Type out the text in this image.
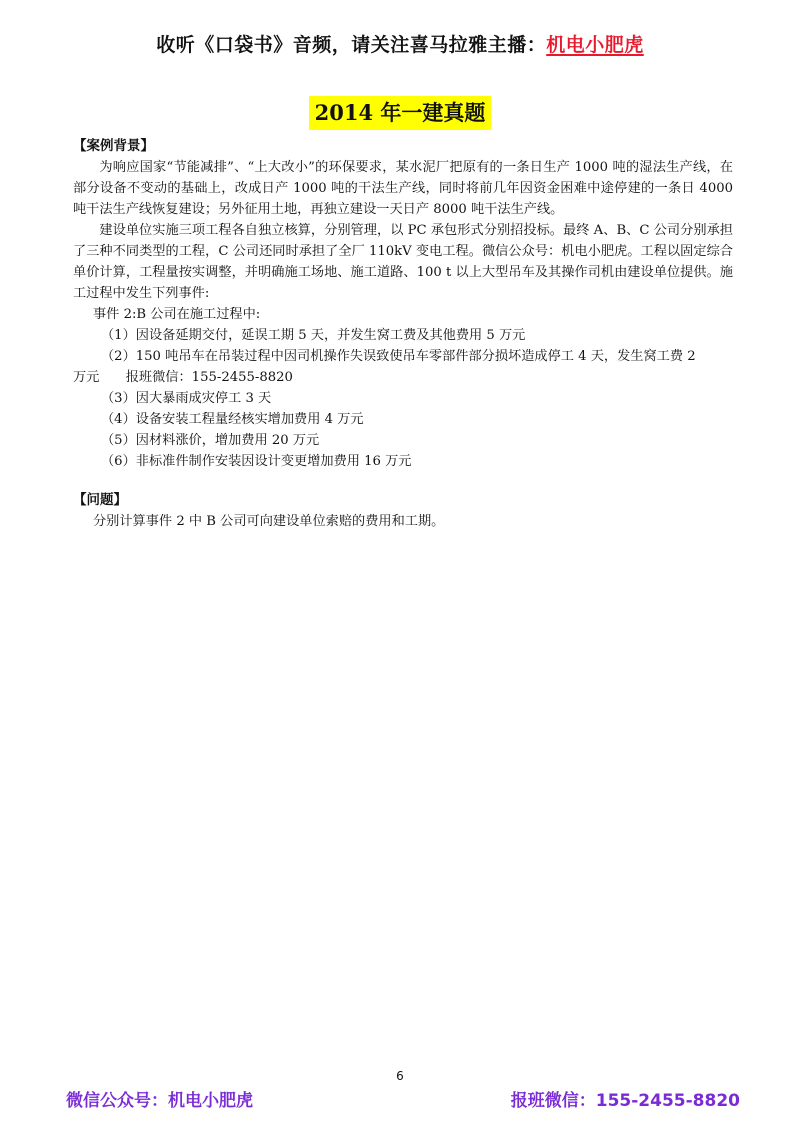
收听《口袋书》音频，请关注喜马拉雅主播：机电小肥虎
2014 年一建真题

【案例背景】

为响应国家“节能减排”、“上大改小”的环保要求，某水泥厂把原有的一条日生产 1000 吨的湿法生产线，在部分设备不变动的基础上，改成日产 1000 吨的干法生产线，同时将前几年因资金困难中途停建的一条日 4000 吨干法生产线恢复建设；另外征用土地，再独立建设一天日产 8000 吨干法生产线。

建设单位实施三项工程各自独立核算，分别管理，以 PC 承包形式分别招投标。最终 A、B、C 公司分别承担了三种不同类型的工程，C 公司还同时承担了全厂 110kV 变电工程。微信公众号：机电小肥虎。工程以固定综合单价计算，工程量按实调整，并明确施工场地、施工道路、100 t 以上大型吊车及其操作司机由建设单位提供。施工过程中发生下列事件:

事件 2:B 公司在施工过程中:

（1）因设备延期交付，延误工期 5 天，并发生窝工费及其他费用 5 万元

（2）150 吨吊车在吊装过程中因司机操作失误致使吊车零部件部分损坏造成停工 4 天，发生窝工费 2

万元　　报班微信：155-2455-8820

（3）因大暴雨成灾停工 3 天

（4）设备安装工程量经核实增加费用 4 万元

（5）因材料涨价，增加费用 20 万元

（6）非标准件制作安装因设计变更增加费用 16 万元

【问题】

分别计算事件 2 中 B 公司可向建设单位索赔的费用和工期。

6
微信公众号：机电小肥虎	报班微信：155-2455-8820
